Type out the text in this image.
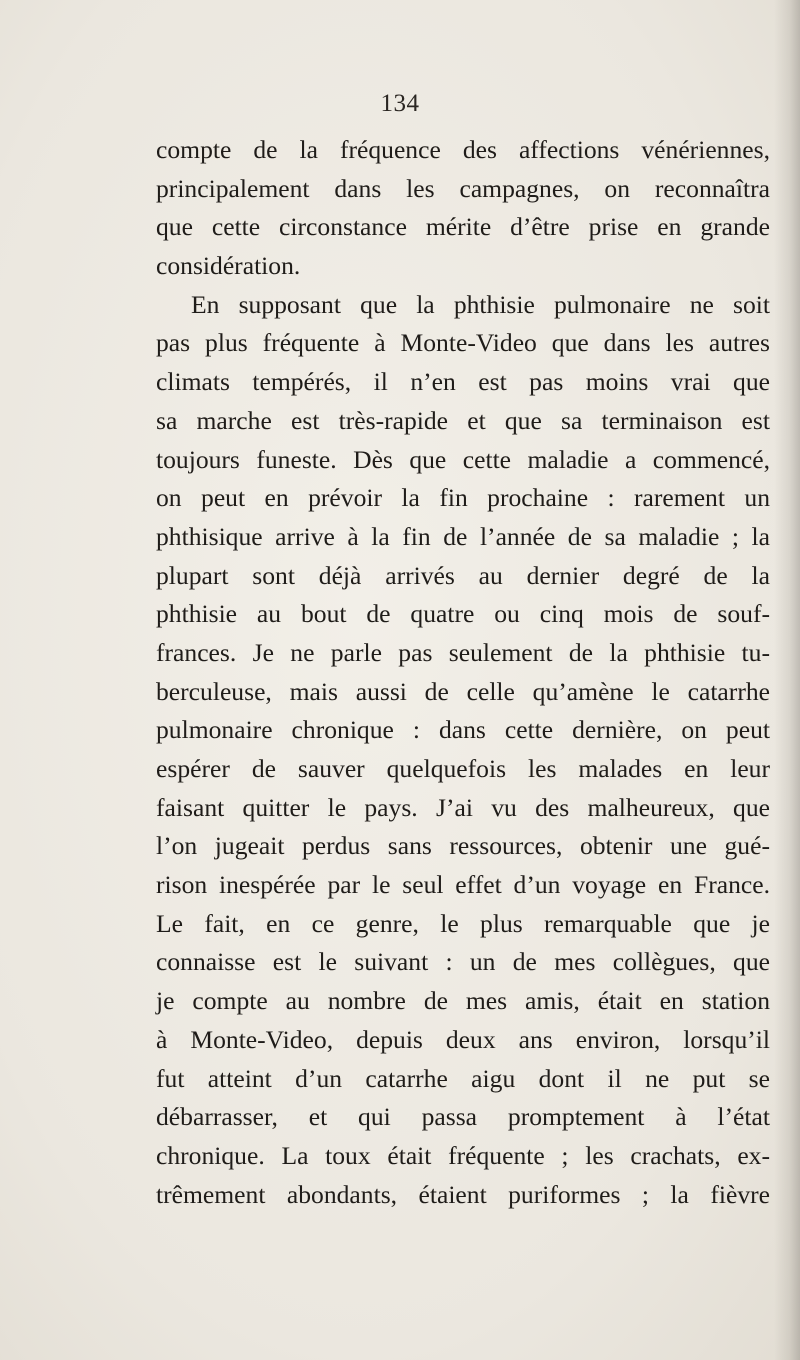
134
compte de la fréquence des affections vénériennes,
principalement dans les campagnes, on reconnaîtra
que cette circonstance mérite d’être prise en grande
considération.
En supposant que la phthisie pulmonaire ne soit
pas plus fréquente à Monte-Video que dans les autres
climats tempérés, il n’en est pas moins vrai que
sa marche est très-rapide et que sa terminaison est
toujours funeste. Dès que cette maladie a commencé,
on peut en prévoir la fin prochaine : rarement un
phthisique arrive à la fin de l’année de sa maladie ; la
plupart sont déjà arrivés au dernier degré de la
phthisie au bout de quatre ou cinq mois de souf-
frances. Je ne parle pas seulement de la phthisie tu-
berculeuse, mais aussi de celle qu’amène le catarrhe
pulmonaire chronique : dans cette dernière, on peut
espérer de sauver quelquefois les malades en leur
faisant quitter le pays. J’ai vu des malheureux, que
l’on jugeait perdus sans ressources, obtenir une gué-
rison inespérée par le seul effet d’un voyage en France.
Le fait, en ce genre, le plus remarquable que je
connaisse est le suivant : un de mes collègues, que
je compte au nombre de mes amis, était en station
à Monte-Video, depuis deux ans environ, lorsqu’il
fut atteint d’un catarrhe aigu dont il ne put se
débarrasser, et qui passa promptement à l’état
chronique. La toux était fréquente ; les crachats, ex-
trêmement abondants, étaient puriformes ; la fièvre
